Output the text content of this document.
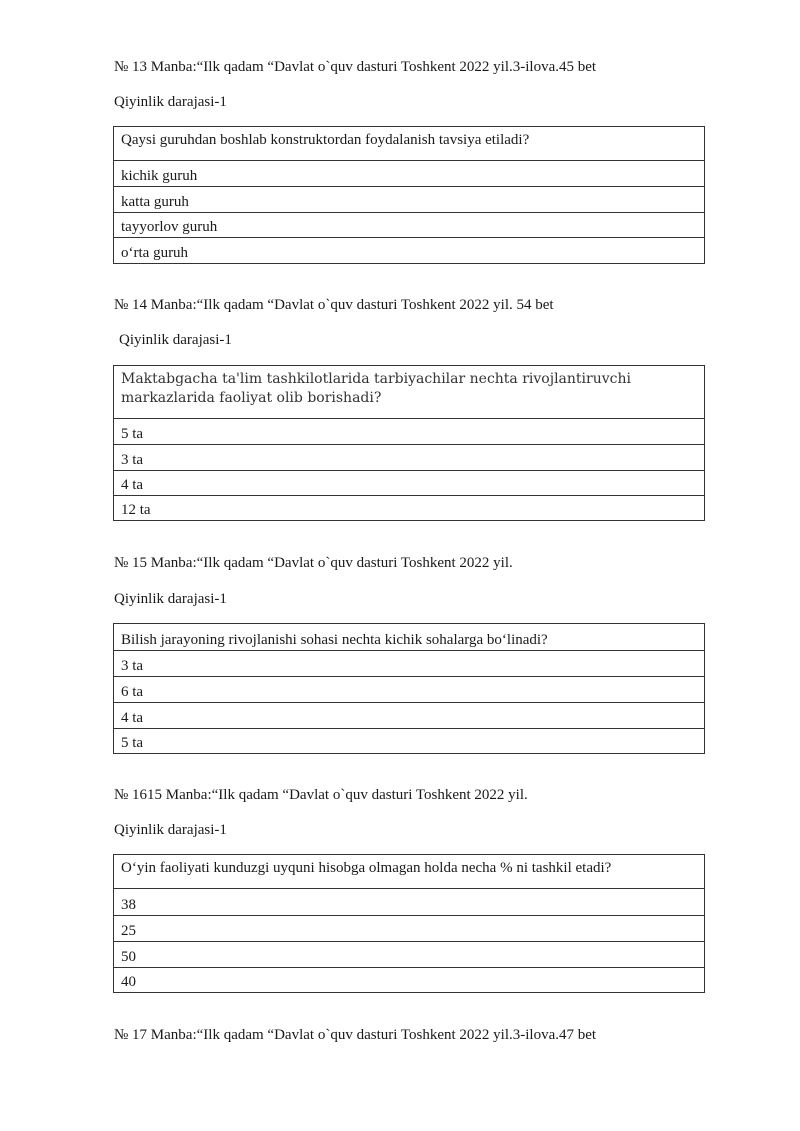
№ 13 Manba:“Ilk qadam “Davlat o`quv dasturi Toshkent 2022 yil.3-ilova.45 bet
Qiyinlik darajasi-1
Qaysi guruhdan boshlab konstruktordan foydalanish tavsiya etiladi?
kichik guruh
katta guruh
tayyorlov guruh
o‘rta guruh
№ 14 Manba:“Ilk qadam “Davlat o`quv dasturi Toshkent 2022 yil. 54 bet
Qiyinlik darajasi-1
Maktabgacha ta'lim tashkilotlarida tarbiyachilar nechta rivojlantiruvchi markazlarida faoliyat olib borishadi?
5 ta
3 ta
4 ta
12 ta
№ 15 Manba:“Ilk qadam “Davlat o`quv dasturi Toshkent 2022 yil.
Qiyinlik darajasi-1
Bilish jarayoning rivojlanishi sohasi nechta kichik sohalarga bo‘linadi?
3 ta
6 ta
4 ta
5 ta
№ 1615 Manba:“Ilk qadam “Davlat o`quv dasturi Toshkent 2022 yil.
Qiyinlik darajasi-1
O‘yin faoliyati kunduzgi uyquni hisobga olmagan holda necha % ni tashkil etadi?
38
25
50
40
№ 17 Manba:“Ilk qadam “Davlat o`quv dasturi Toshkent 2022 yil.3-ilova.47 bet
